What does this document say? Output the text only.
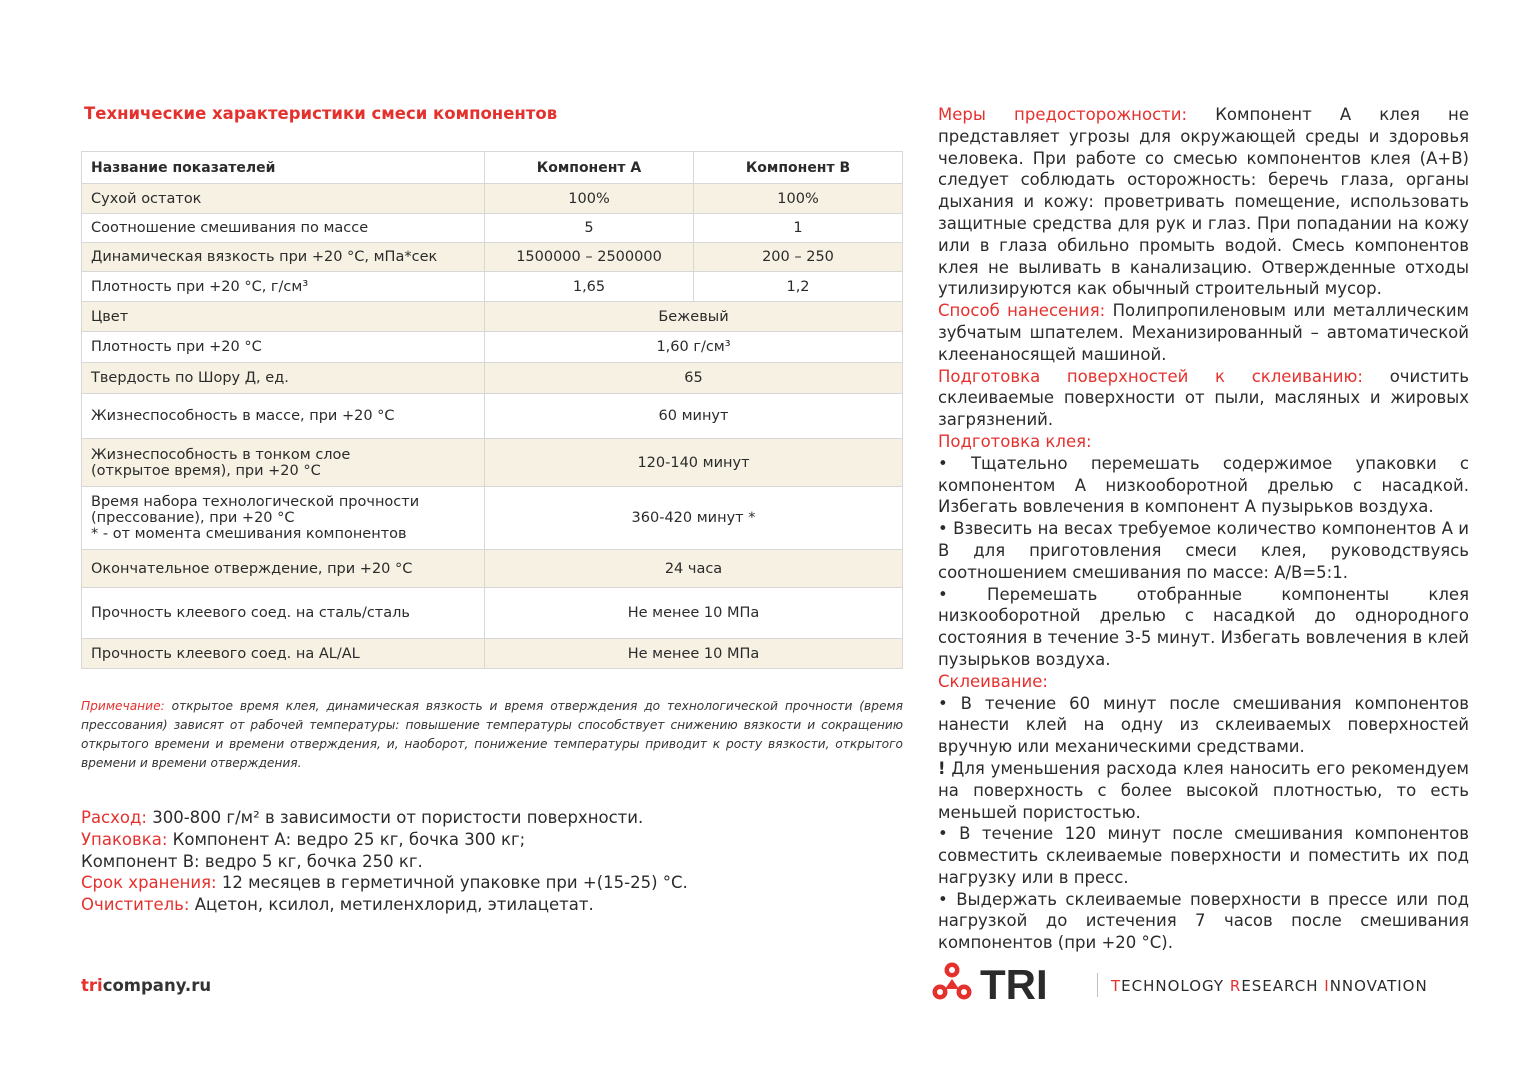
Технические характеристики смеси компонентов
Название показателей	Компонент А	Компонент В

Сухой остаток	100%	100%

Соотношение смешивания по массе	5	1

Динамическая вязкость при +20 °С, мПа*сек	1500000 – 2500000	200 – 250

Плотность при +20 °С, г/см³	1,65	1,2

Цвет	Бежевый	

Плотность при +20 °С	1,60 г/см³	

Твердость по Шору Д, ед.	65	

Жизнеспособность в массе, при +20 °С	60 минут	

Жизнеспособность в тонком слое
(открытое время), при +20 °С	120-140 минут	

Время набора технологической прочности
(прессование), при +20 °С
* - от момента смешивания компонентов	360-420 минут *	

Окончательное отверждение, при +20 °С	24 часа	

Прочность клеевого соед. на сталь/сталь	Не менее 10 МПа	

Прочность клеевого соед. на AL/AL	Не менее 10 МПа	
Примечание: открытое время клея, динамическая вязкость и время отверждения до технологической прочности (время прессования) зависят от рабочей температуры: повышение температуры способствует снижению вязкости и сокращению открытого времени и времени отверждения, и, наоборот, понижение температуры приводит к росту вязкости, открытого времени и времени отверждения.
Расход: 300-800 г/м² в зависимости от пористости поверхности.
Упаковка: Компонент А: ведро 25 кг, бочка 300 кг;
Компонент В: ведро 5 кг, бочка 250 кг.
Срок хранения: 12 месяцев в герметичной упаковке при +(15-25) °С.
Очиститель: Ацетон, ксилол, метиленхлорид, этилацетат.

Меры предосторожности: Компонент А клея не представляет угрозы для окружающей среды и здоровья человека. При работе со смесью компонентов клея (А+В) следует соблюдать осторожность: беречь глаза, органы дыхания и кожу: проветривать помещение, использовать защитные средства для рук и глаз. При попадании на кожу или в глаза обильно промыть водой. Смесь компонентов клея не выливать в канализацию. Отвержденные отходы утилизируются как обычный строительный мусор.

Способ нанесения: Полипропиленовым или металлическим зубчатым шпателем. Механизированный – автоматической клеенаносящей машиной.

Подготовка поверхностей к склеиванию: очистить склеиваемые поверхности от пыли, масляных и жировых загрязнений.

Подготовка клея:

• Тщательно перемешать содержимое упаковки с компонентом А низкооборотной дрелью с насадкой. Избегать вовлечения в компонент А пузырьков воздуха.

• Взвесить на весах требуемое количество компонентов А и В для приготовления смеси клея, руководствуясь соотношением смешивания по массе: А/В=5:1.

• Перемешать отобранные компоненты клея низкооборотной дрелью с насадкой до однородного состояния в течение 3-5 минут. Избегать вовлечения в клей пузырьков воздуха.

Склеивание:

• В течение 60 минут после смешивания компонентов нанести клей на одну из склеиваемых поверхностей вручную или механическими средствами.

! Для уменьшения расхода клея наносить его рекомендуем на поверхность с более высокой плотностью, то есть меньшей пористостью.

• В течение 120 минут после смешивания компонентов совместить склеиваемые поверхности и поместить их под нагрузку или в пресс.

• Выдержать склеиваемые поверхности в прессе или под нагрузкой до истечения 7 часов после смешивания компонентов (при +20 °С).

tricompany.ru	TRI	TECHNOLOGY RESEARCH INNOVATION
